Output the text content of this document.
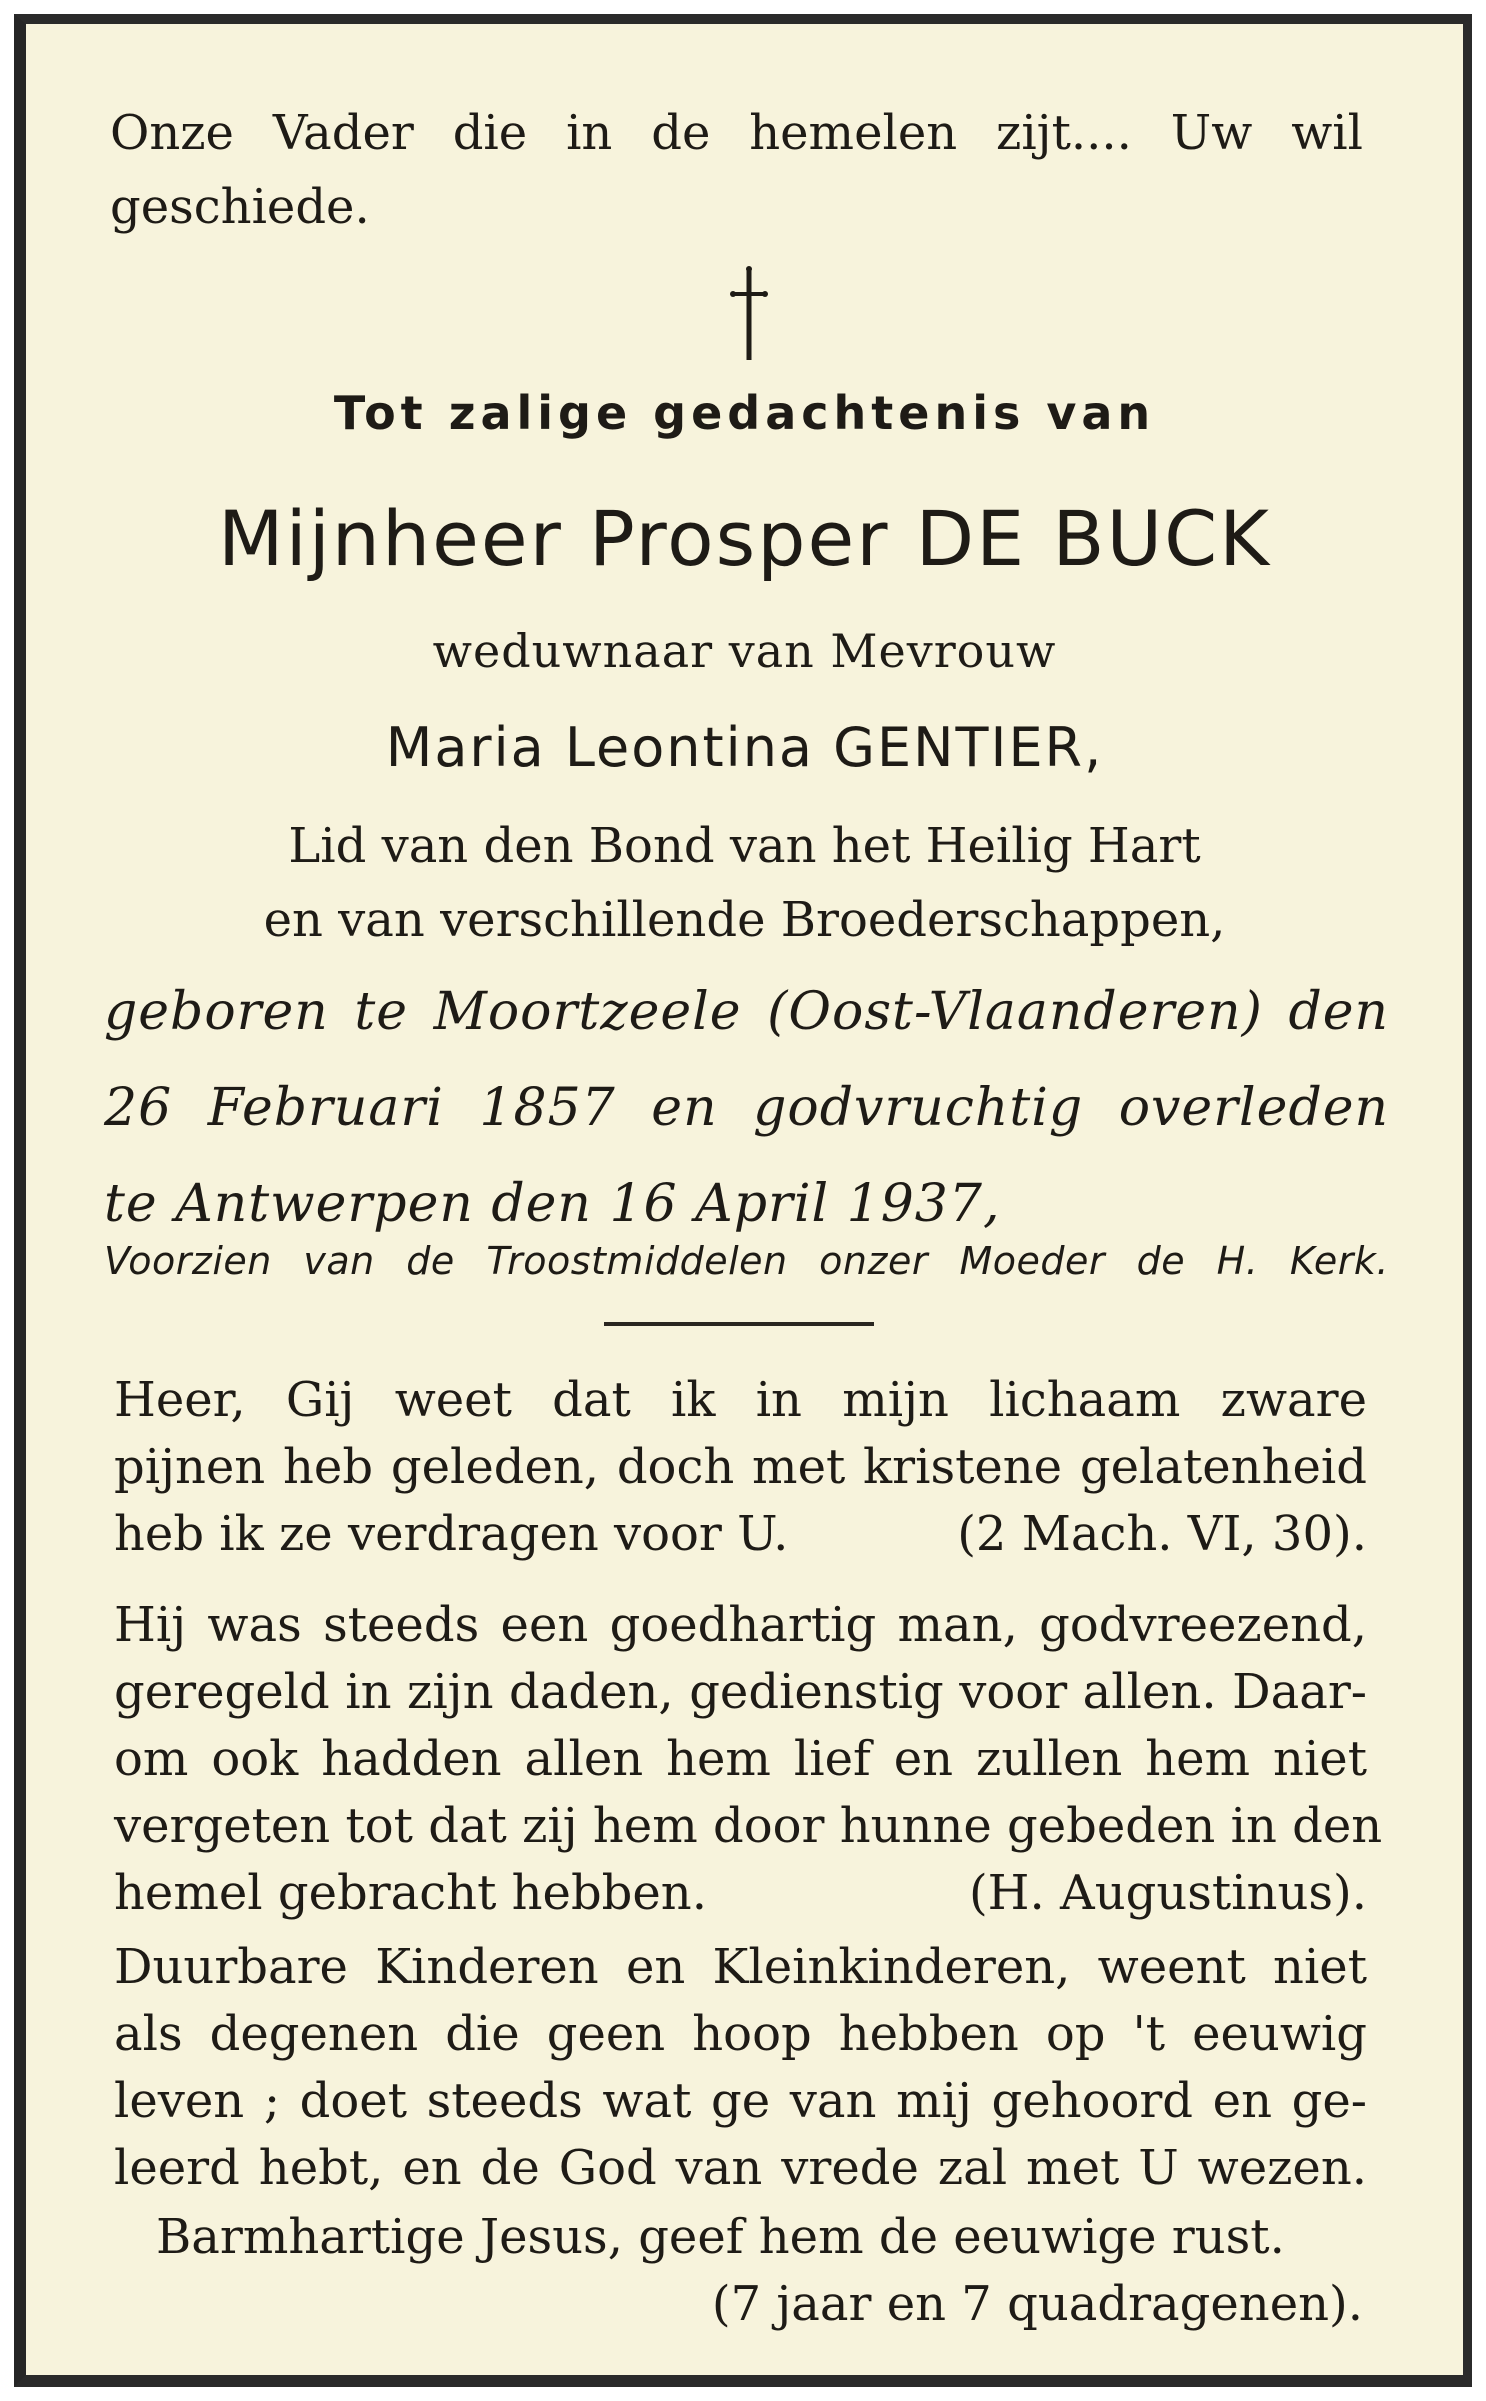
Onze Vader die in de hemelen zijt.... Uw wil
geschiede.
Tot zalige gedachtenis van
Mijnheer Prosper DE BUCK
weduwnaar van Mevrouw
Maria Leontina GENTIER,
Lid van den Bond van het Heilig Hart
en van verschillende Broederschappen,
geboren te Moortzeele (Oost-Vlaanderen) den
26 Februari 1857 en godvruchtig overleden
te Antwerpen den 16 April 1937,
Voorzien van de Troostmiddelen onzer Moeder de H. Kerk.
Heer, Gij weet dat ik in mijn lichaam zware
pijnen heb geleden, doch met kristene gelatenheid
heb ik ze verdragen voor U.	(2 Mach. VI, 30).
Hij was steeds een goedhartig man, godvreezend,
geregeld in zijn daden, gedienstig voor allen. Daar-
om ook hadden allen hem lief en zullen hem niet
vergeten tot dat zij hem door hunne gebeden in den
hemel gebracht hebben.	(H. Augustinus).
Duurbare Kinderen en Kleinkinderen, weent niet
als degenen die geen hoop hebben op 't eeuwig
leven ; doet steeds wat ge van mij gehoord en ge-
leerd hebt, en de God van vrede zal met U wezen.
Barmhartige Jesus, geef hem de eeuwige rust.
(7 jaar en 7 quadragenen).
